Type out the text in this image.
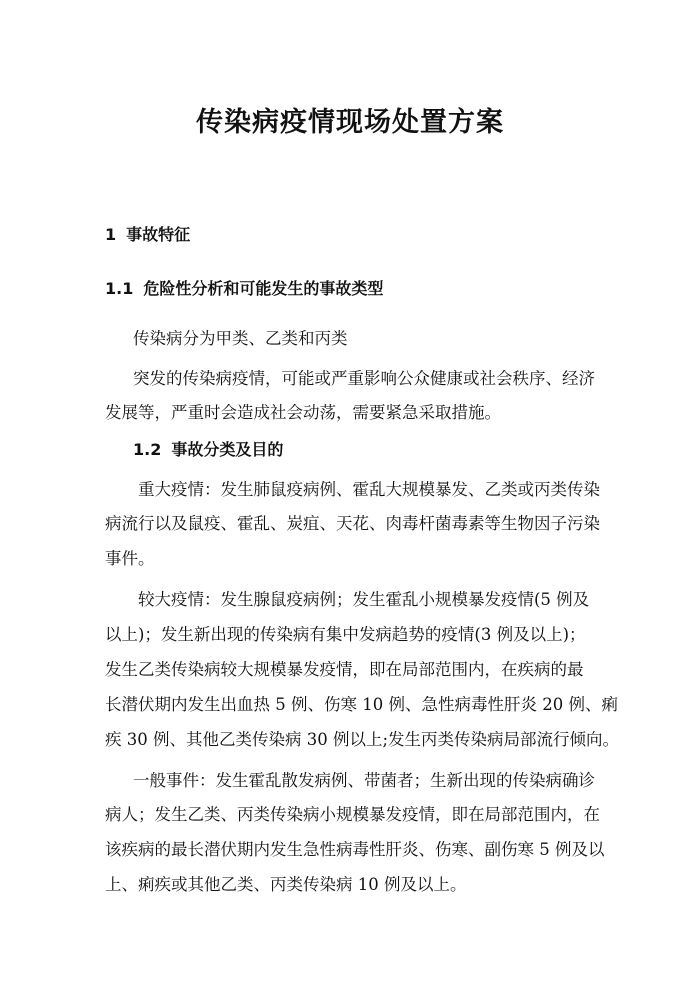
传染病疫情现场处置方案
1 事故特征
1.1 危险性分析和可能发生的事故类型
传染病分为甲类、乙类和丙类
突发的传染病疫情，可能或严重影响公众健康或社会秩序、经济
发展等，严重时会造成社会动荡，需要紧急采取措施。
1.2 事故分类及目的
重大疫情：发生肺鼠疫病例、霍乱大规模暴发、乙类或丙类传染
病流行以及鼠疫、霍乱、炭疽、天花、肉毒杆菌毒素等生物因子污染
事件。
较大疫情：发生腺鼠疫病例；发生霍乱小规模暴发疫情(5 例及
以上)；发生新出现的传染病有集中发病趋势的疫情(3 例及以上)；
发生乙类传染病较大规模暴发疫情，即在局部范围内，在疾病的最
长潜伏期内发生出血热 5 例、伤寒 10 例、急性病毒性肝炎 20 例、痢
疾 30 例、其他乙类传染病 30 例以上;发生丙类传染病局部流行倾向。
一般事件：发生霍乱散发病例、带菌者；生新出现的传染病确诊
病人；发生乙类、丙类传染病小规模暴发疫情，即在局部范围内，在
该疾病的最长潜伏期内发生急性病毒性肝炎、伤寒、副伤寒 5 例及以
上、痢疾或其他乙类、丙类传染病 10 例及以上。
